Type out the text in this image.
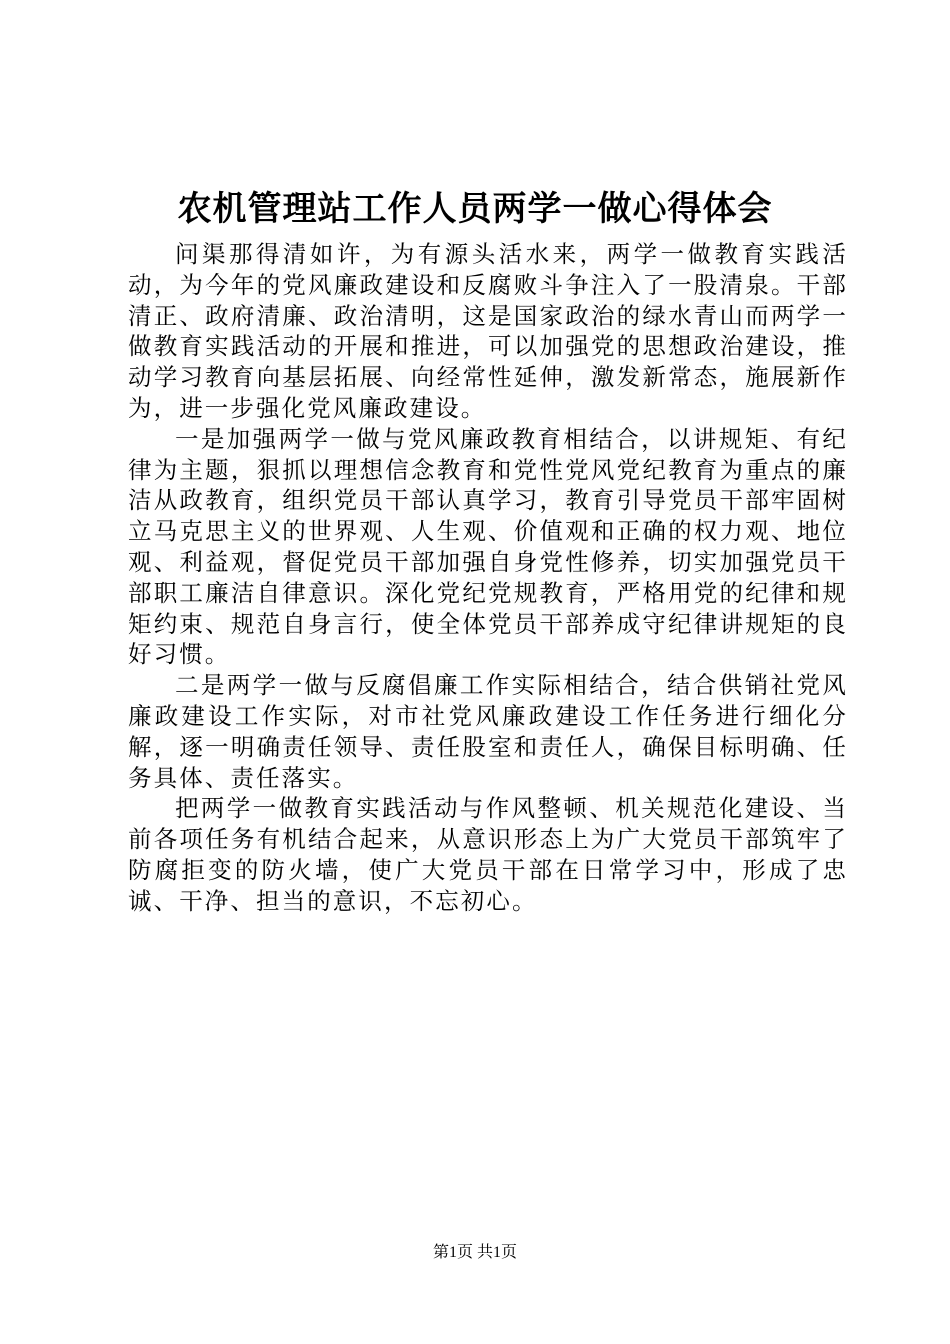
农机管理站工作人员两学一做心得体会

问渠那得清如许，为有源头活水来，两学一做教育实践活动，为今年的党风廉政建设和反腐败斗争注入了一股清泉。干部清正、政府清廉、政治清明，这是国家政治的绿水青山而两学一做教育实践活动的开展和推进，可以加强党的思想政治建设，推动学习教育向基层拓展、向经常性延伸，激发新常态，施展新作为，进一步强化党风廉政建设。

一是加强两学一做与党风廉政教育相结合，以讲规矩、有纪律为主题，狠抓以理想信念教育和党性党风党纪教育为重点的廉洁从政教育，组织党员干部认真学习，教育引导党员干部牢固树立马克思主义的世界观、人生观、价值观和正确的权力观、地位观、利益观，督促党员干部加强自身党性修养，切实加强党员干部职工廉洁自律意识。深化党纪党规教育，严格用党的纪律和规矩约束、规范自身言行，使全体党员干部养成守纪律讲规矩的良好习惯。

二是两学一做与反腐倡廉工作实际相结合，结合供销社党风廉政建设工作实际，对市社党风廉政建设工作任务进行细化分解，逐一明确责任领导、责任股室和责任人，确保目标明确、任务具体、责任落实。

把两学一做教育实践活动与作风整顿、机关规范化建设、当前各项任务有机结合起来，从意识形态上为广大党员干部筑牢了防腐拒变的防火墙，使广大党员干部在日常学习中，形成了忠诚、干净、担当的意识，不忘初心。

第1页 共1页
